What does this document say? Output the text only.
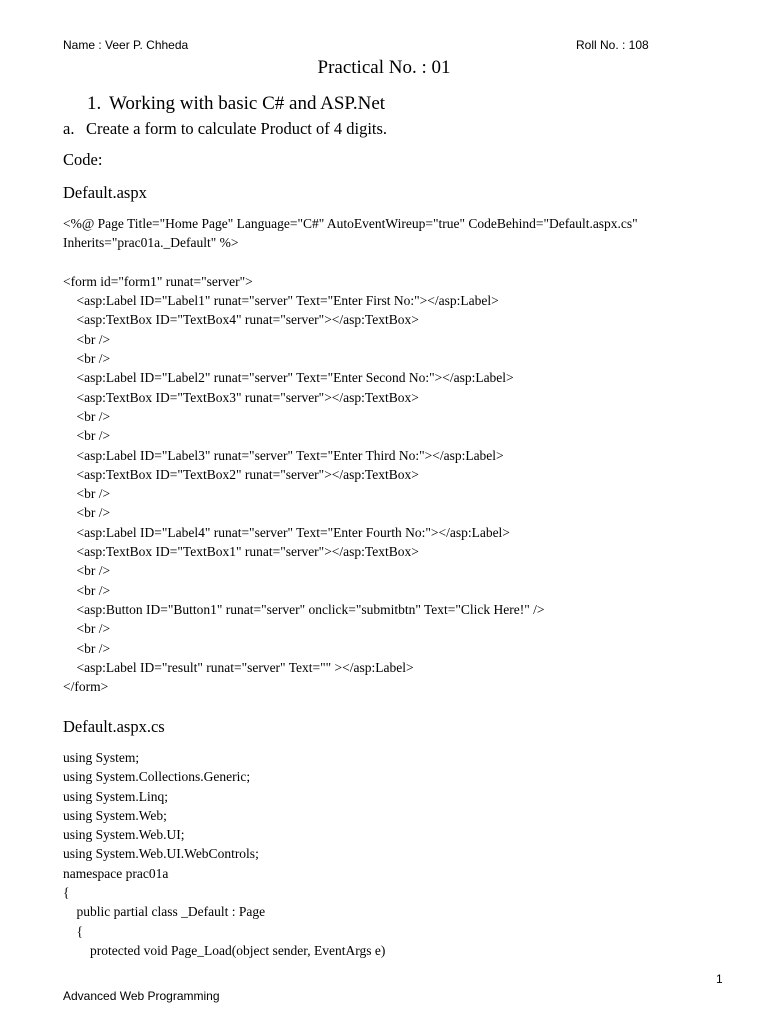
Name : Veer P. Chheda	Roll No. : 108
Practical No. : 01
1. Working with basic C# and ASP.Net
a. Create a form to calculate Product of 4 digits.
Code:
Default.aspx
<%@ Page Title="Home Page" Language="C#" AutoEventWireup="true" CodeBehind="Default.aspx.cs"
Inherits="prac01a._Default" %>

<form id="form1" runat="server">
<asp:Label ID="Label1" runat="server" Text="Enter First No:"></asp:Label>
<asp:TextBox ID="TextBox4" runat="server"></asp:TextBox>
<br />
<br />
<asp:Label ID="Label2" runat="server" Text="Enter Second No:"></asp:Label>
<asp:TextBox ID="TextBox3" runat="server"></asp:TextBox>
<br />
<br />
<asp:Label ID="Label3" runat="server" Text="Enter Third No:"></asp:Label>
<asp:TextBox ID="TextBox2" runat="server"></asp:TextBox>
<br />
<br />
<asp:Label ID="Label4" runat="server" Text="Enter Fourth No:"></asp:Label>
<asp:TextBox ID="TextBox1" runat="server"></asp:TextBox>
<br />
<br />
<asp:Button ID="Button1" runat="server" onclick="submitbtn" Text="Click Here!" />
<br />
<br />
<asp:Label ID="result" runat="server" Text="" ></asp:Label>
</form>
Default.aspx.cs
using System;
using System.Collections.Generic;
using System.Linq;
using System.Web;
using System.Web.UI;
using System.Web.UI.WebControls;
namespace prac01a
{
public partial class _Default : Page
{
protected void Page_Load(object sender, EventArgs e)
1
Advanced Web Programming
